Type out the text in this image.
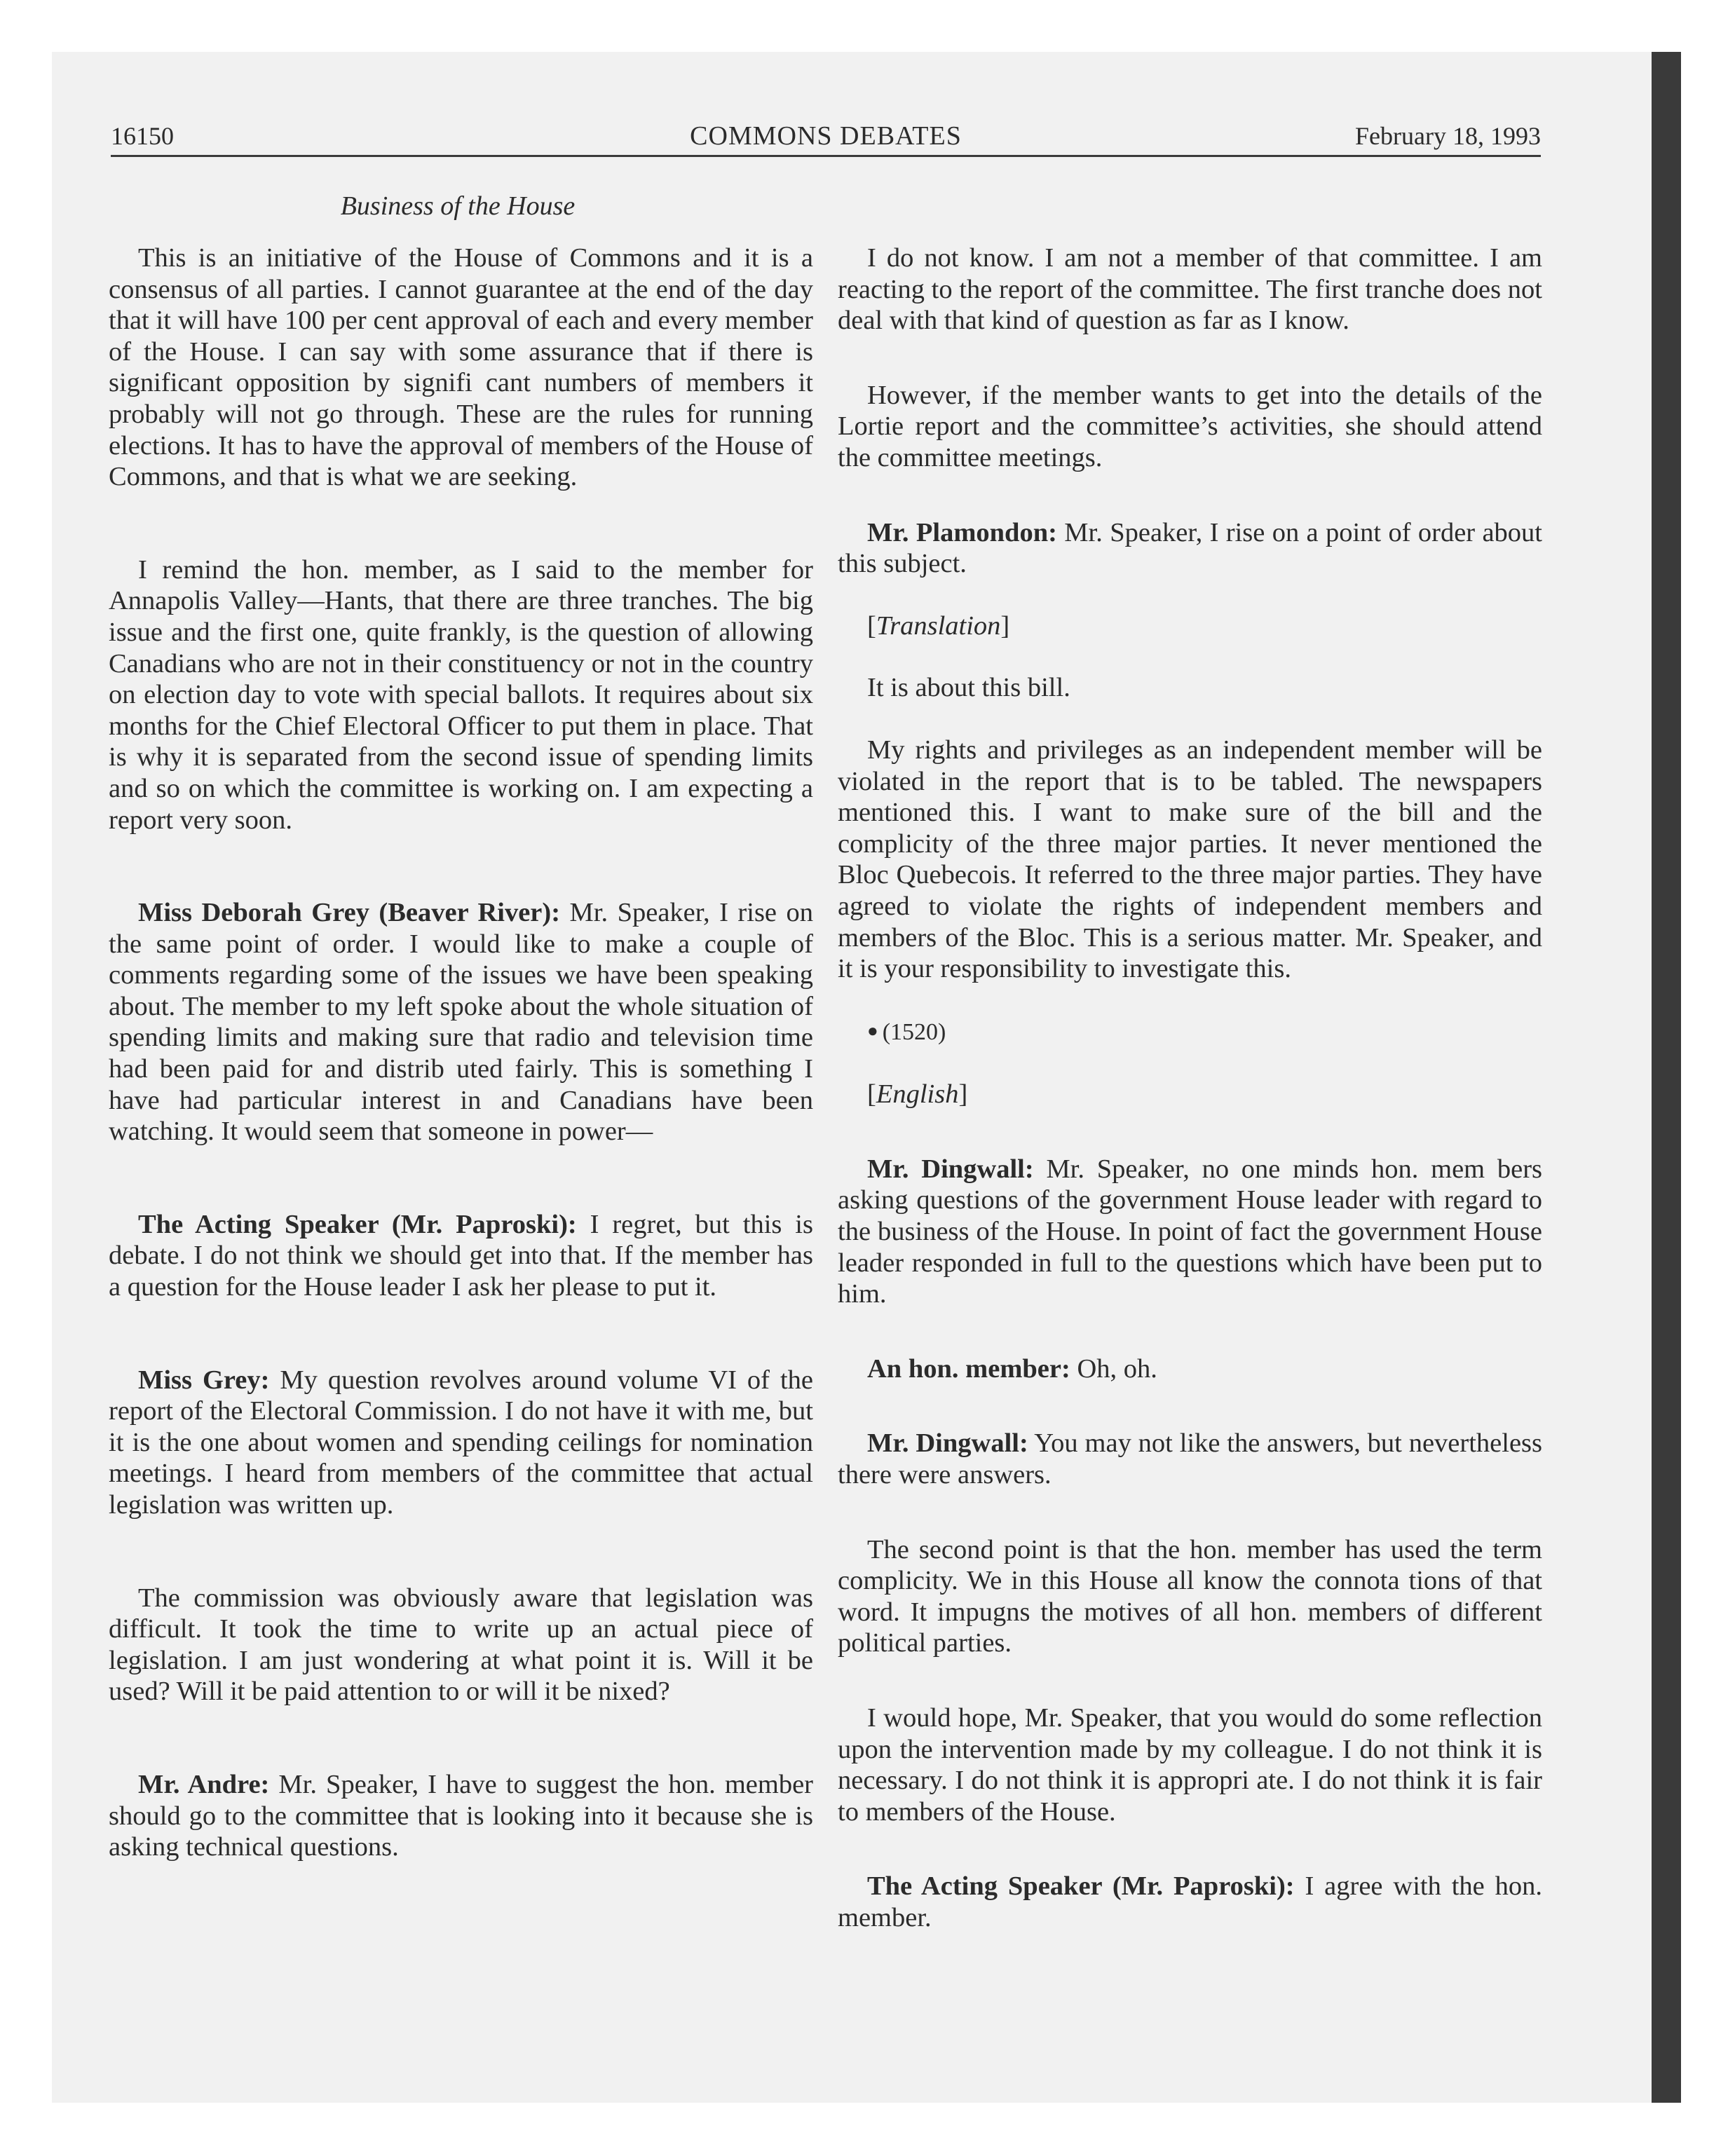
16150	COMMONS DEBATES	February 18, 1993
Business of the House

This is an initiative of the House of Commons and it is a consensus of all parties. I cannot guarantee at the end of the day that it will have 100 per cent approval of each and every member of the House. I can say with some assurance that if there is significant opposition by signifi cant numbers of members it probably will not go through. These are the rules for running elections. It has to have the approval of members of the House of Commons, and that is what we are seeking.

I remind the hon. member, as I said to the member for Annapolis Valley—Hants, that there are three tranches. The big issue and the first one, quite frankly, is the question of allowing Canadians who are not in their constituency or not in the country on election day to vote with special ballots. It requires about six months for the Chief Electoral Officer to put them in place. That is why it is separated from the second issue of spending limits and so on which the committee is working on. I am expecting a report very soon.

Miss Deborah Grey (Beaver River): Mr. Speaker, I rise on the same point of order. I would like to make a couple of comments regarding some of the issues we have been speaking about. The member to my left spoke about the whole situation of spending limits and making sure that radio and television time had been paid for and distrib uted fairly. This is something I have had particular interest in and Canadians have been watching. It would seem that someone in power—

The Acting Speaker (Mr. Paproski): I regret, but this is debate. I do not think we should get into that. If the member has a question for the House leader I ask her please to put it.

Miss Grey: My question revolves around volume VI of the report of the Electoral Commission. I do not have it with me, but it is the one about women and spending ceilings for nomination meetings. I heard from members of the committee that actual legislation was written up.

The commission was obviously aware that legislation was difficult. It took the time to write up an actual piece of legislation. I am just wondering at what point it is. Will it be used? Will it be paid attention to or will it be nixed?

Mr. Andre: Mr. Speaker, I have to suggest the hon. member should go to the committee that is looking into it because she is asking technical questions.

I do not know. I am not a member of that committee. I am reacting to the report of the committee. The first tranche does not deal with that kind of question as far as I know.

However, if the member wants to get into the details of the Lortie report and the committee’s activities, she should attend the committee meetings.

Mr. Plamondon: Mr. Speaker, I rise on a point of order about this subject.

[Translation]

It is about this bill.

My rights and privileges as an independent member will be violated in the report that is to be tabled. The newspapers mentioned this. I want to make sure of the bill and the complicity of the three major parties. It never mentioned the Bloc Quebecois. It referred to the three major parties. They have agreed to violate the rights of independent members and members of the Bloc. This is a serious matter. Mr. Speaker, and it is your responsibility to investigate this.

● (1520)

[English]

Mr. Dingwall: Mr. Speaker, no one minds hon. mem bers asking questions of the government House leader with regard to the business of the House. In point of fact the government House leader responded in full to the questions which have been put to him.

An hon. member: Oh, oh.

Mr. Dingwall: You may not like the answers, but nevertheless there were answers.

The second point is that the hon. member has used the term complicity. We in this House all know the connota tions of that word. It impugns the motives of all hon. members of different political parties.

I would hope, Mr. Speaker, that you would do some reflection upon the intervention made by my colleague. I do not think it is necessary. I do not think it is appropri ate. I do not think it is fair to members of the House.

The Acting Speaker (Mr. Paproski): I agree with the hon. member.
